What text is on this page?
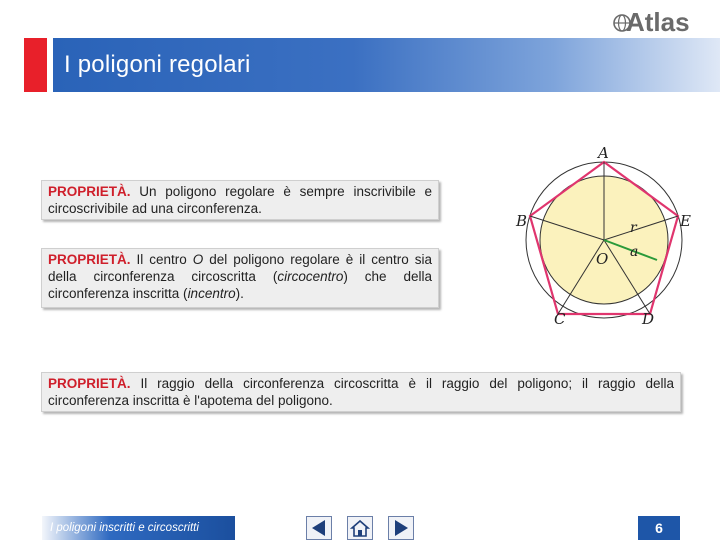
Atlas
I poligoni regolari
PROPRIETÀ. Un poligono regolare è sempre inscrivibile e circoscrivibile ad una circonferenza.
PROPRIETÀ. Il centro O del poligono regolare è il centro sia della circonferenza circoscritta (circocentro) che della circonferenza inscritta (incentro).
PROPRIETÀ. Il raggio della circonferenza circoscritta è il raggio del poligono; il raggio della circonferenza inscritta è l'apotema del poligono.
A
B
C	D
E
O
r
a
I poligoni inscritti e circoscritti	6
